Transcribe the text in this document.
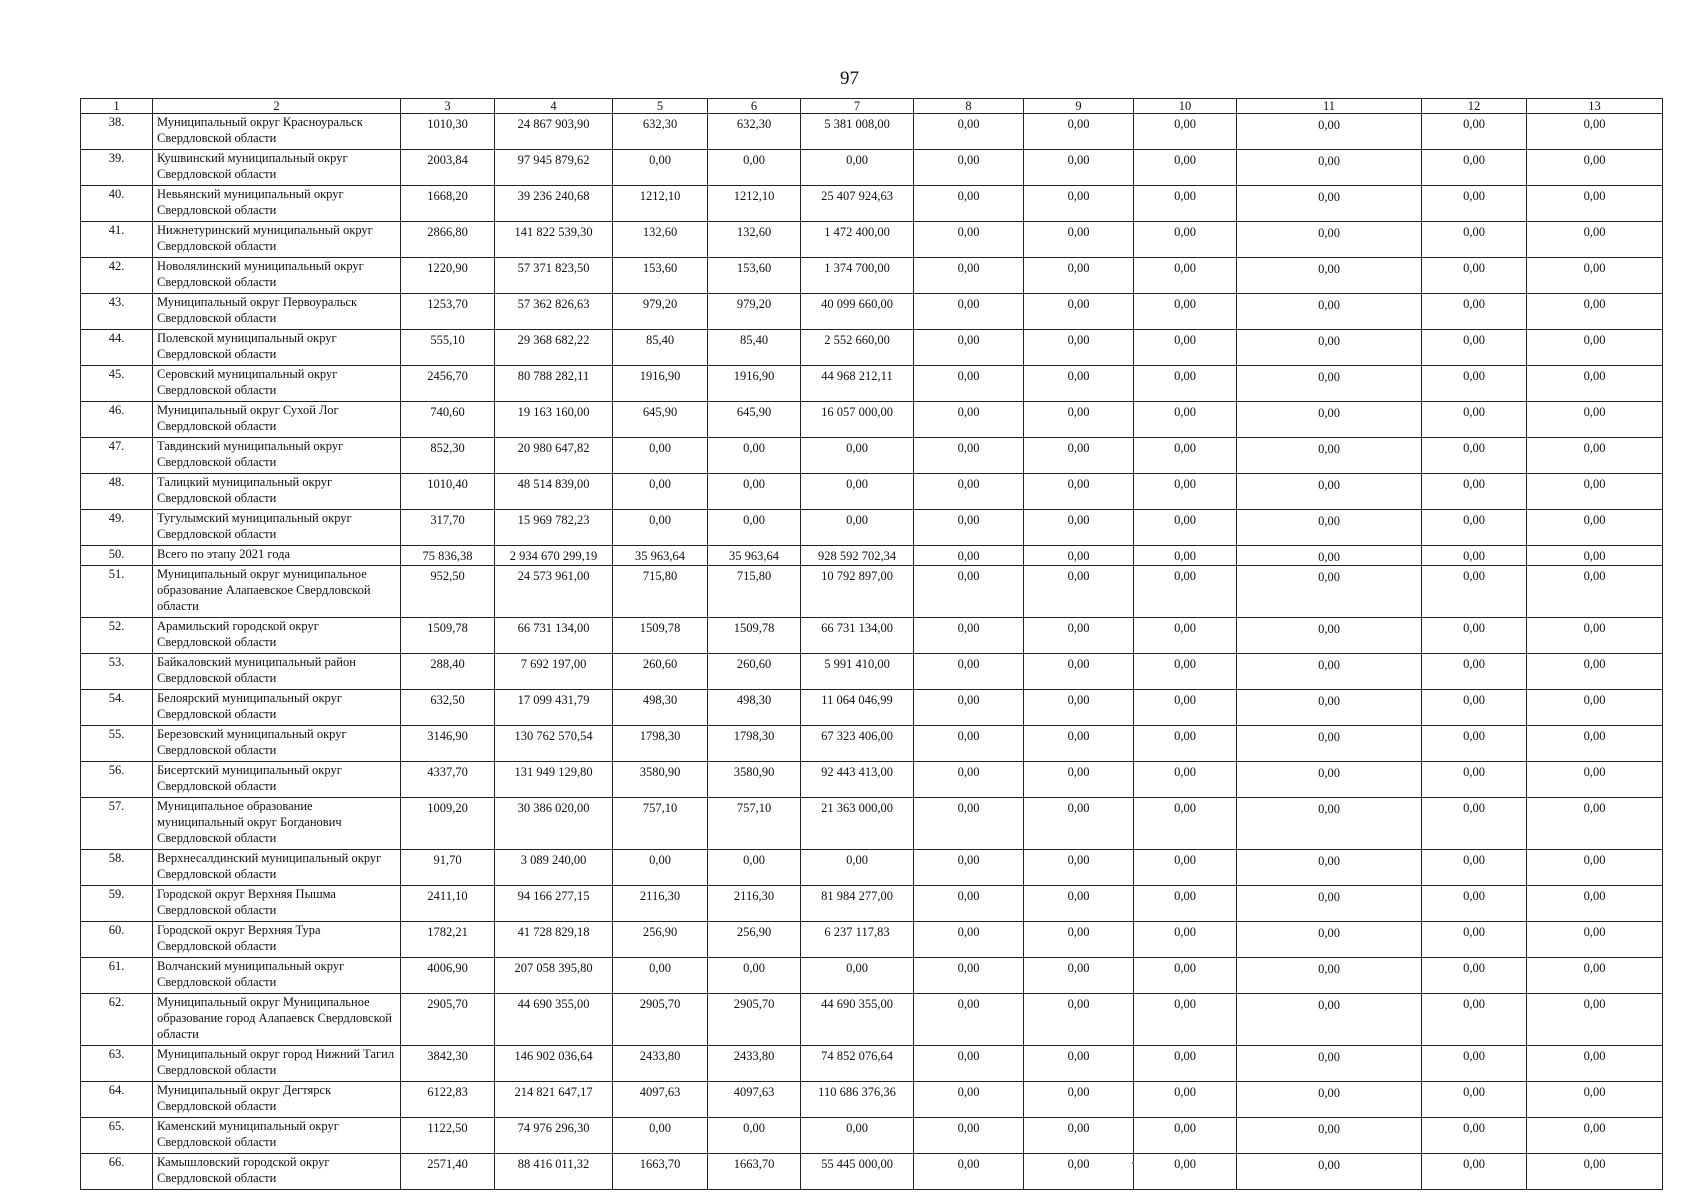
97
1	2	3	4	5	6	7	8	9	10	11	12	13
38.	Муниципальный округ Красноуральск Свердловской области	1010,30	24 867 903,90	632,30	632,30	5 381 008,00	0,00	0,00	0,00	0,00	0,00	0,00
39.	Кушвинский муниципальный округ Свердловской области	2003,84	97 945 879,62	0,00	0,00	0,00	0,00	0,00	0,00	0,00	0,00	0,00
40.	Невьянский муниципальный округ Свердловской области	1668,20	39 236 240,68	1212,10	1212,10	25 407 924,63	0,00	0,00	0,00	0,00	0,00	0,00
41.	Нижнетуринский муниципальный округ Свердловской области	2866,80	141 822 539,30	132,60	132,60	1 472 400,00	0,00	0,00	0,00	0,00	0,00	0,00
42.	Новолялинский муниципальный округ Свердловской области	1220,90	57 371 823,50	153,60	153,60	1 374 700,00	0,00	0,00	0,00	0,00	0,00	0,00
43.	Муниципальный округ Первоуральск Свердловской области	1253,70	57 362 826,63	979,20	979,20	40 099 660,00	0,00	0,00	0,00	0,00	0,00	0,00
44.	Полевской муниципальный округ Свердловской области	555,10	29 368 682,22	85,40	85,40	2 552 660,00	0,00	0,00	0,00	0,00	0,00	0,00
45.	Серовский муниципальный округ Свердловской области	2456,70	80 788 282,11	1916,90	1916,90	44 968 212,11	0,00	0,00	0,00	0,00	0,00	0,00
46.	Муниципальный округ Сухой Лог Свердловской области	740,60	19 163 160,00	645,90	645,90	16 057 000,00	0,00	0,00	0,00	0,00	0,00	0,00
47.	Тавдинский муниципальный округ Свердловской области	852,30	20 980 647,82	0,00	0,00	0,00	0,00	0,00	0,00	0,00	0,00	0,00
48.	Талицкий муниципальный округ Свердловской области	1010,40	48 514 839,00	0,00	0,00	0,00	0,00	0,00	0,00	0,00	0,00	0,00
49.	Тугулымский муниципальный округ Свердловской области	317,70	15 969 782,23	0,00	0,00	0,00	0,00	0,00	0,00	0,00	0,00	0,00
50.	Всего по этапу 2021 года	75 836,38	2 934 670 299,19	35 963,64	35 963,64	928 592 702,34	0,00	0,00	0,00	0,00	0,00	0,00
51.	Муниципальный округ муниципальное образование Алапаевское Свердловской области	952,50	24 573 961,00	715,80	715,80	10 792 897,00	0,00	0,00	0,00	0,00	0,00	0,00
52.	Арамильский городской округ Свердловской области	1509,78	66 731 134,00	1509,78	1509,78	66 731 134,00	0,00	0,00	0,00	0,00	0,00	0,00
53.	Байкаловский муниципальный район Свердловской области	288,40	7 692 197,00	260,60	260,60	5 991 410,00	0,00	0,00	0,00	0,00	0,00	0,00
54.	Белоярский муниципальный округ Свердловской области	632,50	17 099 431,79	498,30	498,30	11 064 046,99	0,00	0,00	0,00	0,00	0,00	0,00
55.	Березовский муниципальный округ Свердловской области	3146,90	130 762 570,54	1798,30	1798,30	67 323 406,00	0,00	0,00	0,00	0,00	0,00	0,00
56.	Бисертский муниципальный округ Свердловской области	4337,70	131 949 129,80	3580,90	3580,90	92 443 413,00	0,00	0,00	0,00	0,00	0,00	0,00
57.	Муниципальное образование муниципальный округ Богданович Свердловской области	1009,20	30 386 020,00	757,10	757,10	21 363 000,00	0,00	0,00	0,00	0,00	0,00	0,00
58.	Верхнесалдинский муниципальный округ Свердловской области	91,70	3 089 240,00	0,00	0,00	0,00	0,00	0,00	0,00	0,00	0,00	0,00
59.	Городской округ Верхняя Пышма Свердловской области	2411,10	94 166 277,15	2116,30	2116,30	81 984 277,00	0,00	0,00	0,00	0,00	0,00	0,00
60.	Городской округ Верхняя Тура Свердловской области	1782,21	41 728 829,18	256,90	256,90	6 237 117,83	0,00	0,00	0,00	0,00	0,00	0,00
61.	Волчанский муниципальный округ Свердловской области	4006,90	207 058 395,80	0,00	0,00	0,00	0,00	0,00	0,00	0,00	0,00	0,00
62.	Муниципальный округ Муниципальное образование город Алапаевск Свердловской области	2905,70	44 690 355,00	2905,70	2905,70	44 690 355,00	0,00	0,00	0,00	0,00	0,00	0,00
63.	Муниципальный округ город Нижний Тагил Свердловской области	3842,30	146 902 036,64	2433,80	2433,80	74 852 076,64	0,00	0,00	0,00	0,00	0,00	0,00
64.	Муниципальный округ Дегтярск Свердловской области	6122,83	214 821 647,17	4097,63	4097,63	110 686 376,36	0,00	0,00	0,00	0,00	0,00	0,00
65.	Каменский муниципальный округ Свердловской области	1122,50	74 976 296,30	0,00	0,00	0,00	0,00	0,00	0,00	0,00	0,00	0,00
66.	Камышловский городской округ Свердловской области	2571,40	88 416 011,32	1663,70	1663,70	55 445 000,00	0,00	0,00	0,00	0,00	0,00	0,00
